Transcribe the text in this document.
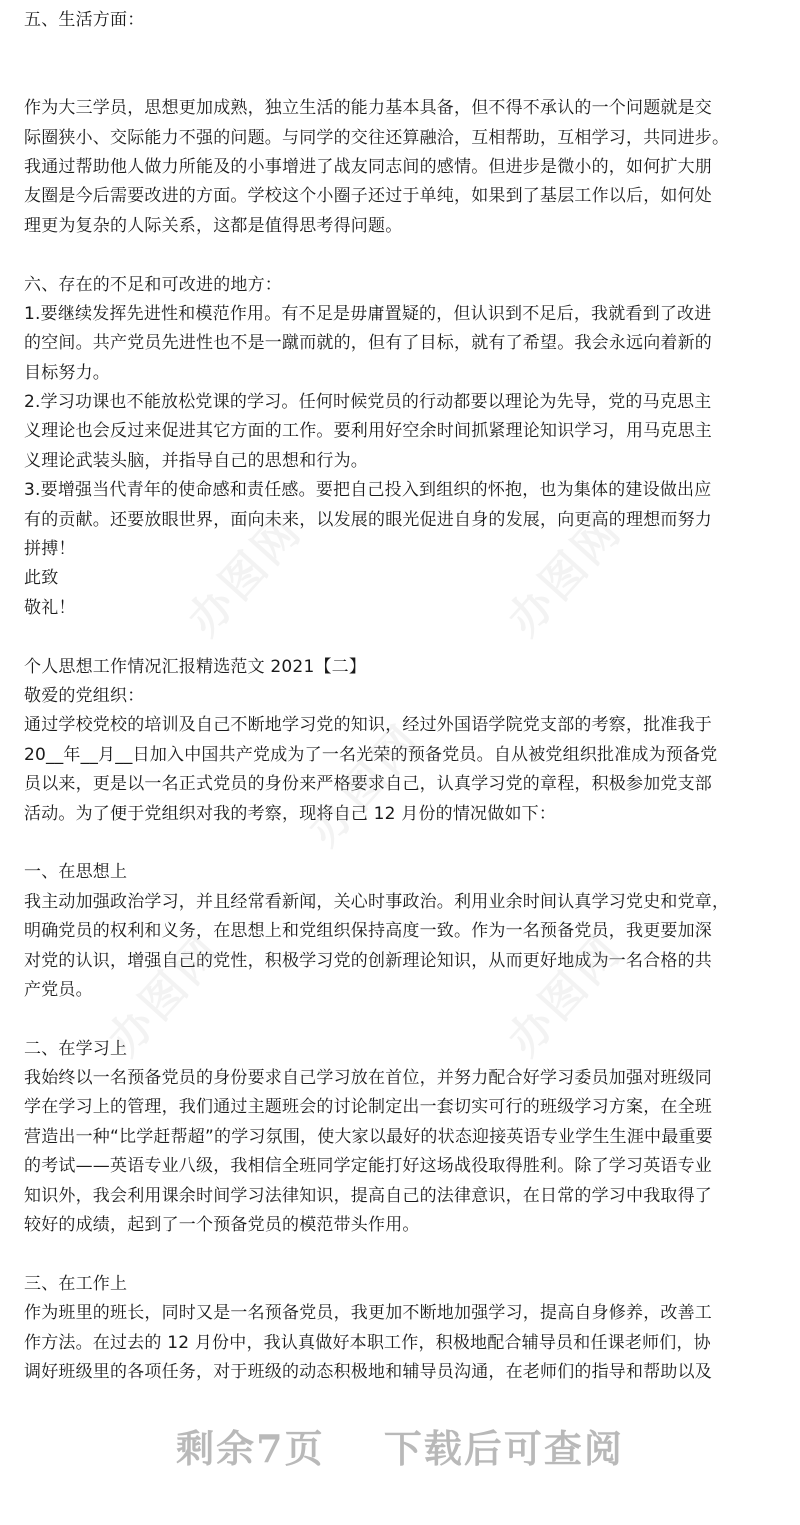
五、生活方面：
作为大三学员，思想更加成熟，独立生活的能力基本具备，但不得不承认的一个问题就是交
际圈狭小、交际能力不强的问题。与同学的交往还算融洽，互相帮助，互相学习，共同进步。
我通过帮助他人做力所能及的小事增进了战友同志间的感情。但进步是微小的，如何扩大朋
友圈是今后需要改进的方面。学校这个小圈子还过于单纯，如果到了基层工作以后，如何处
理更为复杂的人际关系，这都是值得思考得问题。
六、存在的不足和可改进的地方：
1.要继续发挥先进性和模范作用。有不足是毋庸置疑的，但认识到不足后，我就看到了改进
的空间。共产党员先进性也不是一蹴而就的，但有了目标，就有了希望。我会永远向着新的
目标努力。
2.学习功课也不能放松党课的学习。任何时候党员的行动都要以理论为先导，党的马克思主
义理论也会反过来促进其它方面的工作。要利用好空余时间抓紧理论知识学习，用马克思主
义理论武装头脑，并指导自己的思想和行为。
3.要增强当代青年的使命感和责任感。要把自己投入到组织的怀抱，也为集体的建设做出应
有的贡献。还要放眼世界，面向未来，以发展的眼光促进自身的发展，向更高的理想而努力
拼搏！
此致
敬礼！
个人思想工作情况汇报精选范文 2021【二】
敬爱的党组织：
通过学校党校的培训及自己不断地学习党的知识，经过外国语学院党支部的考察，批准我于
20__年__月__日加入中国共产党成为了一名光荣的预备党员。自从被党组织批准成为预备党
员以来，更是以一名正式党员的身份来严格要求自己，认真学习党的章程，积极参加党支部
活动。为了便于党组织对我的考察，现将自己 12 月份的情况做如下：
一、在思想上
我主动加强政治学习，并且经常看新闻，关心时事政治。利用业余时间认真学习党史和党章，
明确党员的权利和义务，在思想上和党组织保持高度一致。作为一名预备党员，我更要加深
对党的认识，增强自己的党性，积极学习党的创新理论知识，从而更好地成为一名合格的共
产党员。
二、在学习上
我始终以一名预备党员的身份要求自己学习放在首位，并努力配合好学习委员加强对班级同
学在学习上的管理，我们通过主题班会的讨论制定出一套切实可行的班级学习方案，在全班
营造出一种“比学赶帮超”的学习氛围，使大家以最好的状态迎接英语专业学生生涯中最重要
的考试——英语专业八级，我相信全班同学定能打好这场战役取得胜利。除了学习英语专业
知识外，我会利用课余时间学习法律知识，提高自己的法律意识，在日常的学习中我取得了
较好的成绩，起到了一个预备党员的模范带头作用。
三、在工作上
作为班里的班长，同时又是一名预备党员，我更加不断地加强学习，提高自身修养，改善工
作方法。在过去的 12 月份中，我认真做好本职工作，积极地配合辅导员和任课老师们，协
调好班级里的各项任务，对于班级的动态积极地和辅导员沟通，在老师们的指导和帮助以及
办图网	办图网
办图网
办图网	办图网
剩余7页 下载后可查阅
